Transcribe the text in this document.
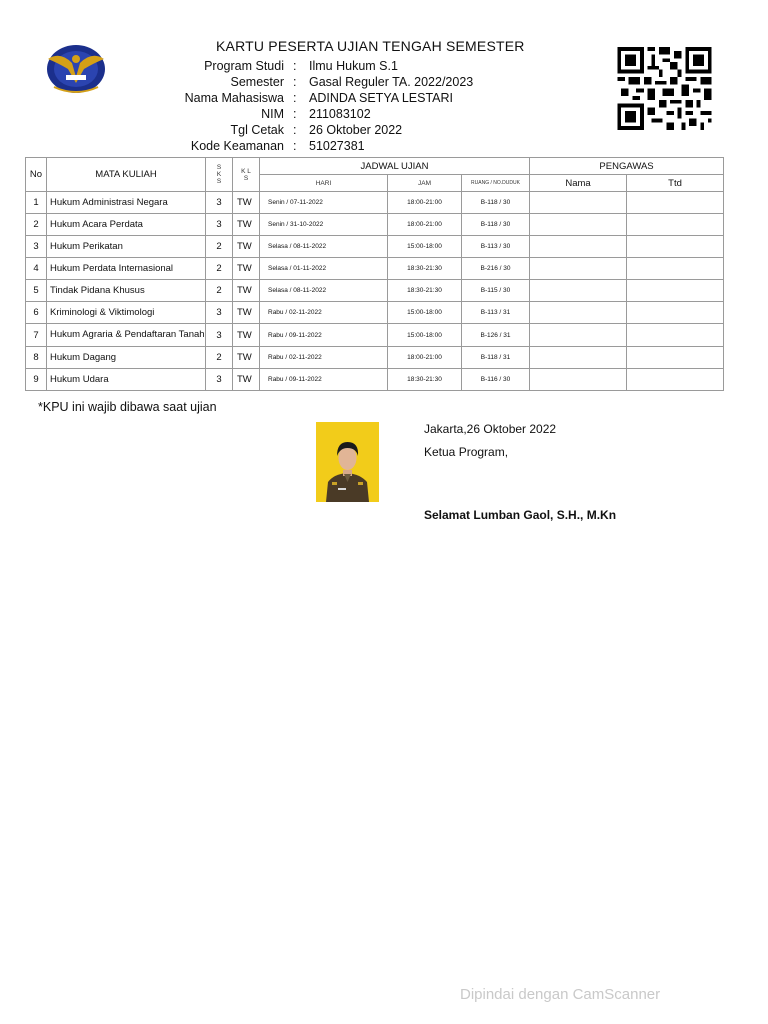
KARTU PESERTA UJIAN TENGAH SEMESTER
Program Studi : Ilmu Hukum S.1
Semester : Gasal Reguler TA. 2022/2023
Nama Mahasiswa : ADINDA SETYA LESTARI
NIM : 211083102
Tgl Cetak : 26 Oktober 2022
Kode Keamanan : 51027381
No	MATA KULIAH	S K S	K L S	JADWAL UJIAN			PENGAWAS	
				HARI	JAM	RUANG / NO.DUDUK	Nama	Ttd
1	Hukum Administrasi Negara	3	TW	Senin / 07-11-2022	18:00-21:00	B-118 / 30		
2	Hukum Acara Perdata	3	TW	Senin / 31-10-2022	18:00-21:00	B-118 / 30		
3	Hukum Perikatan	2	TW	Selasa / 08-11-2022	15:00-18:00	B-113 / 30		
4	Hukum Perdata Internasional	2	TW	Selasa / 01-11-2022	18:30-21:30	B-216 / 30		
5	Tindak Pidana Khusus	2	TW	Selasa / 08-11-2022	18:30-21:30	B-115 / 30		
6	Kriminologi & Viktimologi	3	TW	Rabu / 02-11-2022	15:00-18:00	B-113 / 31		
7	Hukum Agraria & Pendaftaran Tanah	3	TW	Rabu / 09-11-2022	15:00-18:00	B-126 / 31		
8	Hukum Dagang	2	TW	Rabu / 02-11-2022	18:00-21:00	B-118 / 31		
9	Hukum Udara	3	TW	Rabu / 09-11-2022	18:30-21:30	B-116 / 30		
*KPU ini wajib dibawa saat ujian
Jakarta,26 Oktober 2022
Ketua Program,
Selamat Lumban Gaol, S.H., M.Kn
Dipindai dengan CamScanner
